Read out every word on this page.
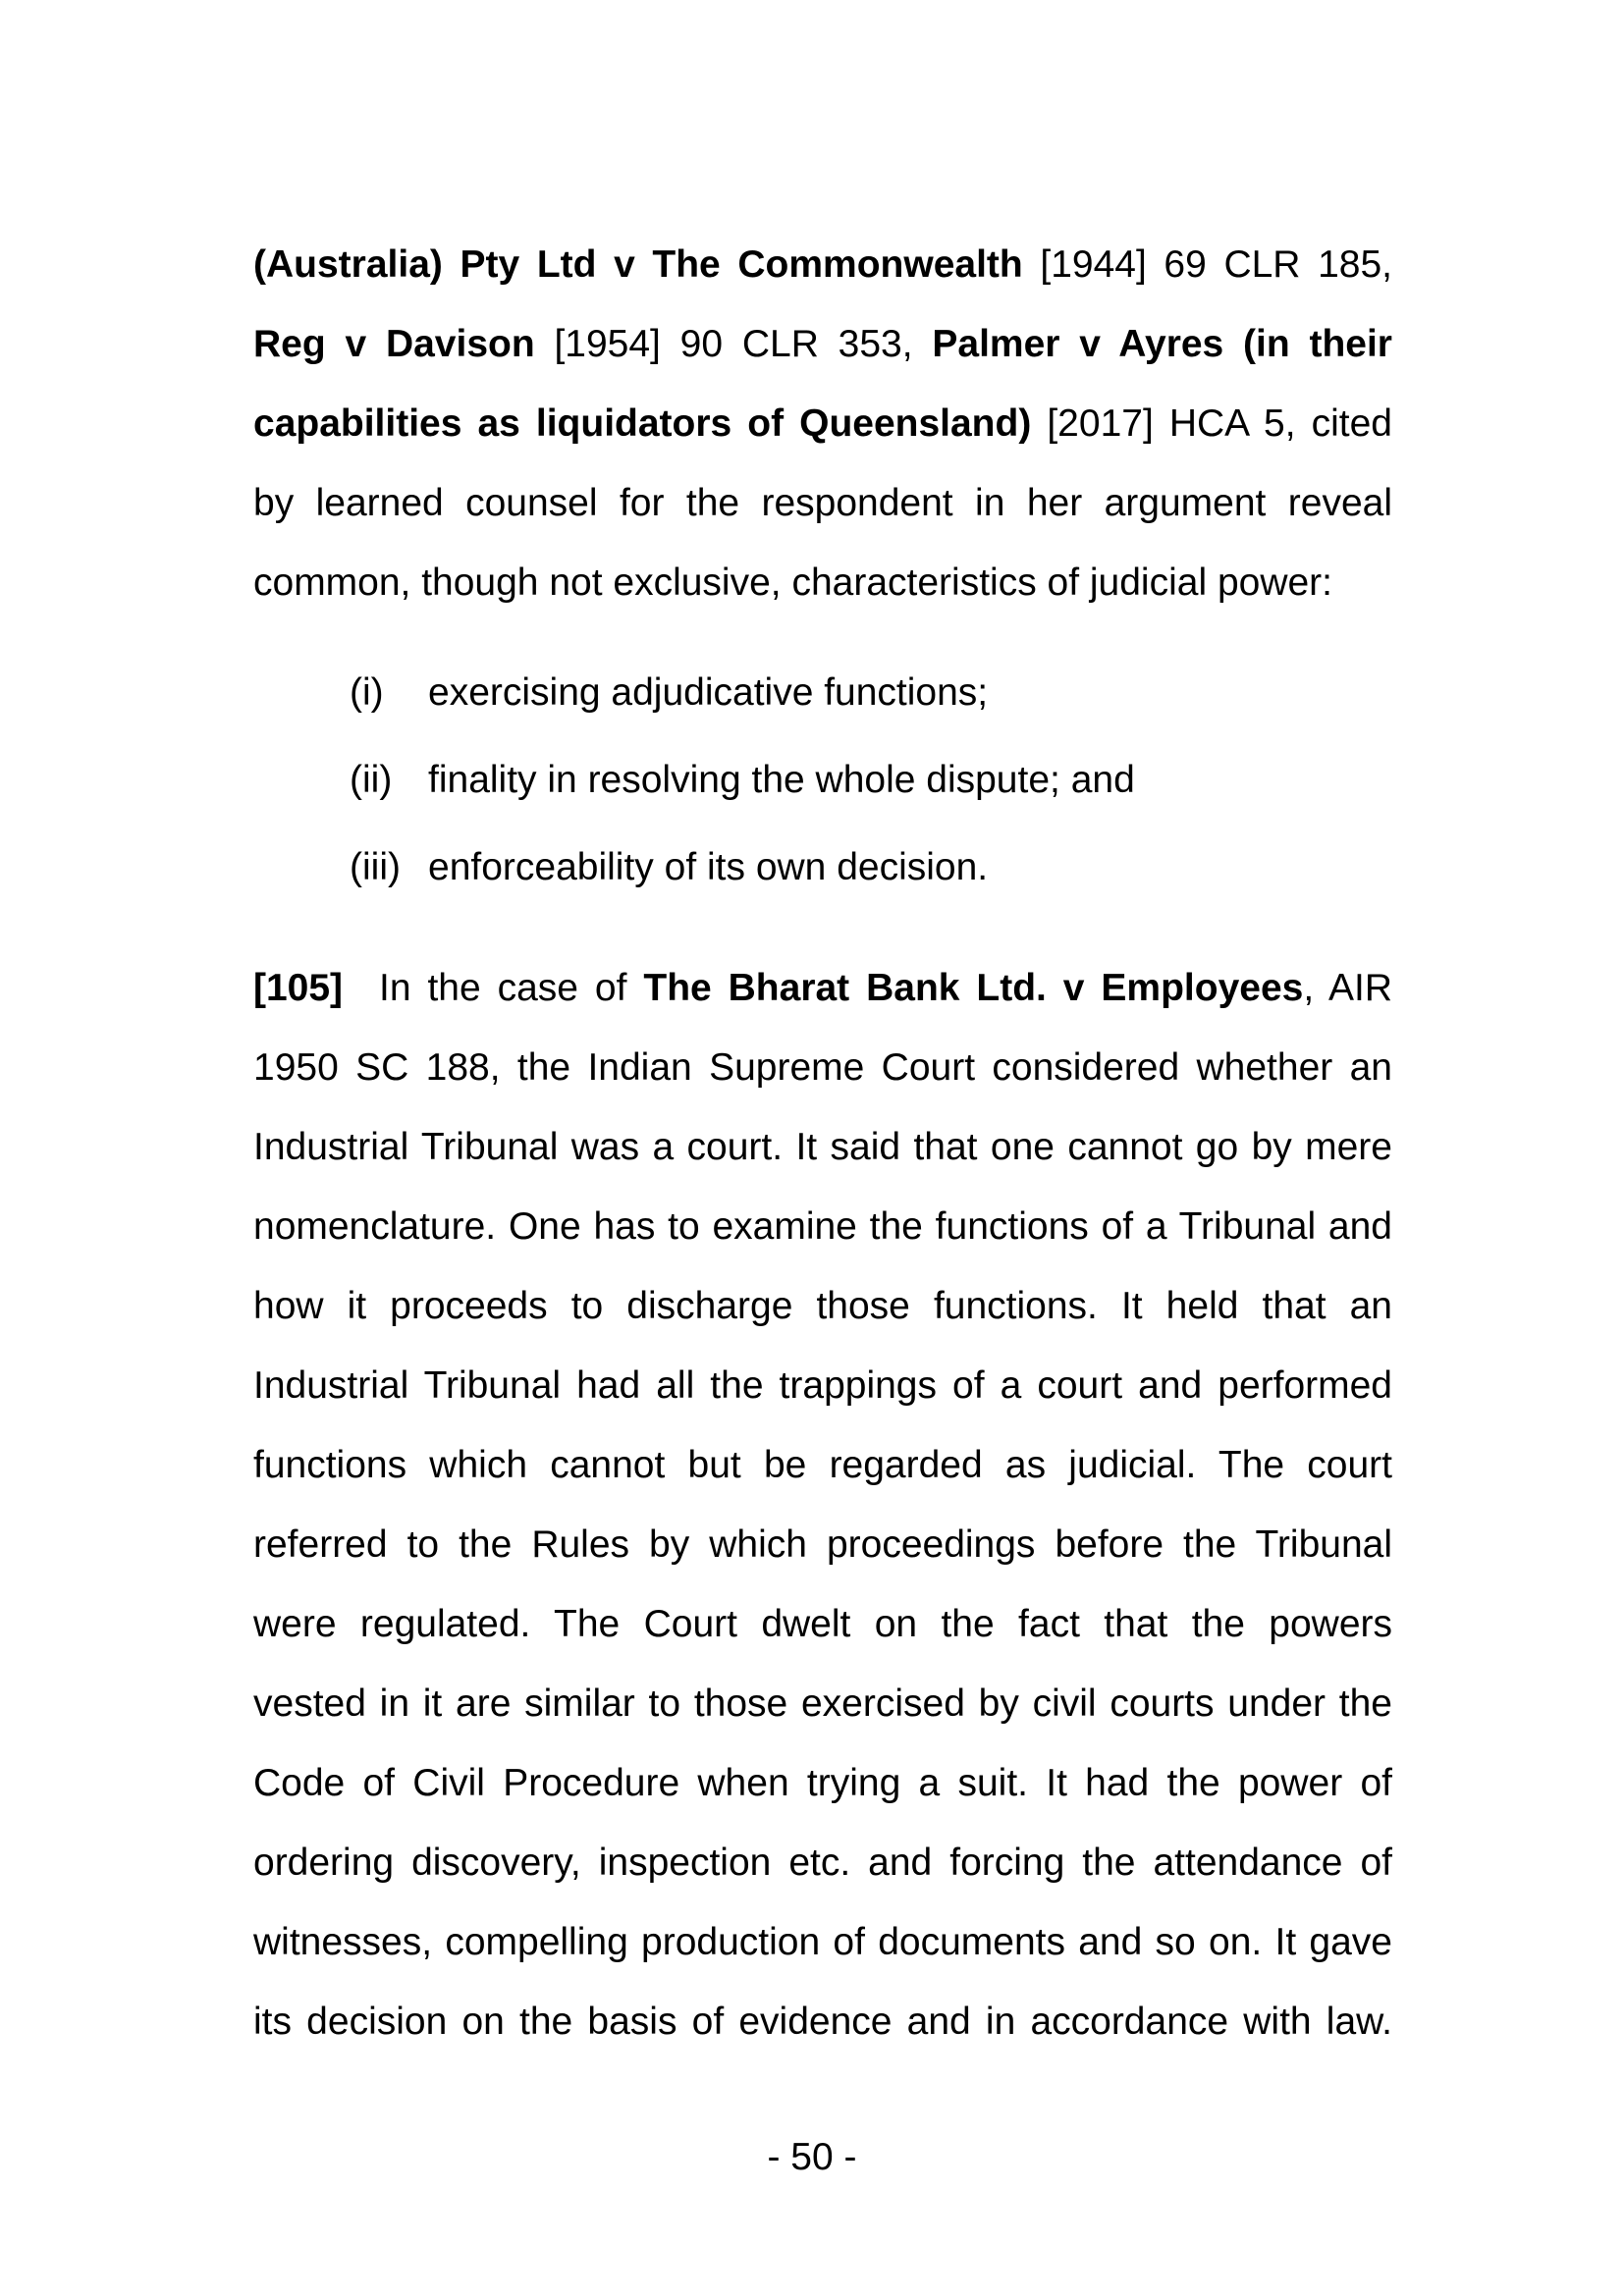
(Australia) Pty Ltd v The Commonwealth [1944] 69 CLR 185,
Reg v Davison [1954] 90 CLR 353, Palmer v Ayres (in their
capabilities as liquidators of Queensland) [2017] HCA 5, cited
by learned counsel for the respondent in her argument reveal
common, though not exclusive, characteristics of judicial power:
(i) exercising adjudicative functions;
(ii) finality in resolving the whole dispute; and
(iii) enforceability of its own decision.
[105] In the case of The Bharat Bank Ltd. v Employees, AIR
1950 SC 188, the Indian Supreme Court considered whether an
Industrial Tribunal was a court. It said that one cannot go by mere
nomenclature. One has to examine the functions of a Tribunal and
how it proceeds to discharge those functions. It held that an
Industrial Tribunal had all the trappings of a court and performed
functions which cannot but be regarded as judicial. The court
referred to the Rules by which proceedings before the Tribunal
were regulated. The Court dwelt on the fact that the powers
vested in it are similar to those exercised by civil courts under the
Code of Civil Procedure when trying a suit. It had the power of
ordering discovery, inspection etc. and forcing the attendance of
witnesses, compelling production of documents and so on. It gave
its decision on the basis of evidence and in accordance with law.
- 50 -
